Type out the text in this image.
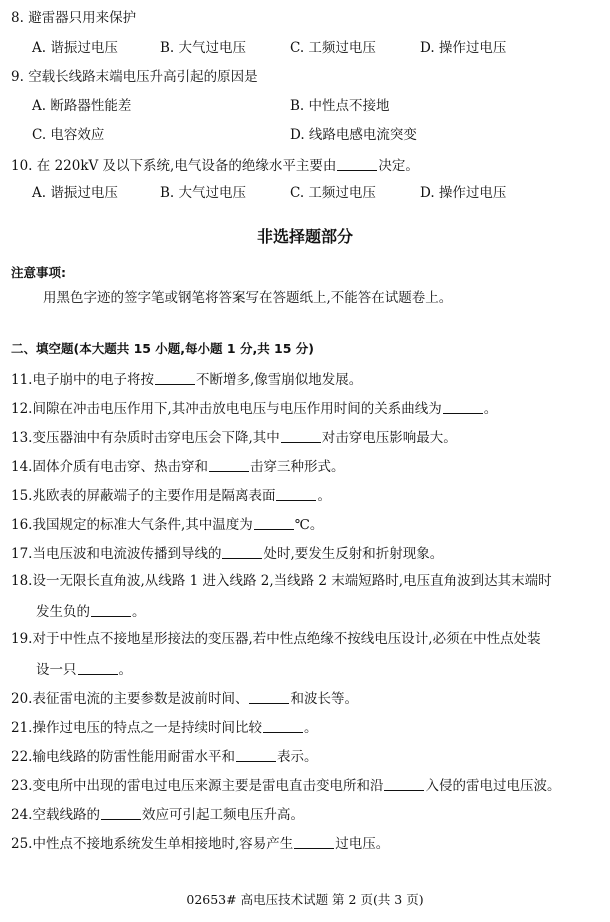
8. 避雷器只用来保护
A. 谐振过电压	B. 大气过电压	C. 工频过电压	D. 操作过电压
9. 空载长线路末端电压升高引起的原因是
A. 断路器性能差	B. 中性点不接地
C. 电容效应	D. 线路电感电流突变
10. 在 220kV 及以下系统,电气设备的绝缘水平主要由	决定。
A. 谐振过电压	B. 大气过电压	C. 工频过电压	D. 操作过电压
非选择题部分
注意事项:
用黑色字迹的签字笔或钢笔将答案写在答题纸上,不能答在试题卷上。
二、填空题(本大题共 15 小题,每小题 1 分,共 15 分)
11.电子崩中的电子将按	不断增多,像雪崩似地发展。
12.间隙在冲击电压作用下,其冲击放电电压与电压作用时间的关系曲线为	。
13.变压器油中有杂质时击穿电压会下降,其中	对击穿电压影响最大。
14.固体介质有电击穿、热击穿和	击穿三种形式。
15.兆欧表的屏蔽端子的主要作用是隔离表面	。
16.我国规定的标准大气条件,其中温度为	℃。
17.当电压波和电流波传播到导线的	处时,要发生反射和折射现象。
18.设一无限长直角波,从线路 1 进入线路 2,当线路 2 末端短路时,电压直角波到达其末端时
发生负的	。
19.对于中性点不接地星形接法的变压器,若中性点绝缘不按线电压设计,必须在中性点处装
设一只	。
20.表征雷电流的主要参数是波前时间、	和波长等。
21.操作过电压的特点之一是持续时间比较	。
22.输电线路的防雷性能用耐雷水平和	表示。
23.变电所中出现的雷电过电压来源主要是雷电直击变电所和沿	入侵的雷电过电压波。
24.空载线路的	效应可引起工频电压升高。
25.中性点不接地系统发生单相接地时,容易产生	过电压。
02653# 高电压技术试题 第 2 页(共 3 页)
